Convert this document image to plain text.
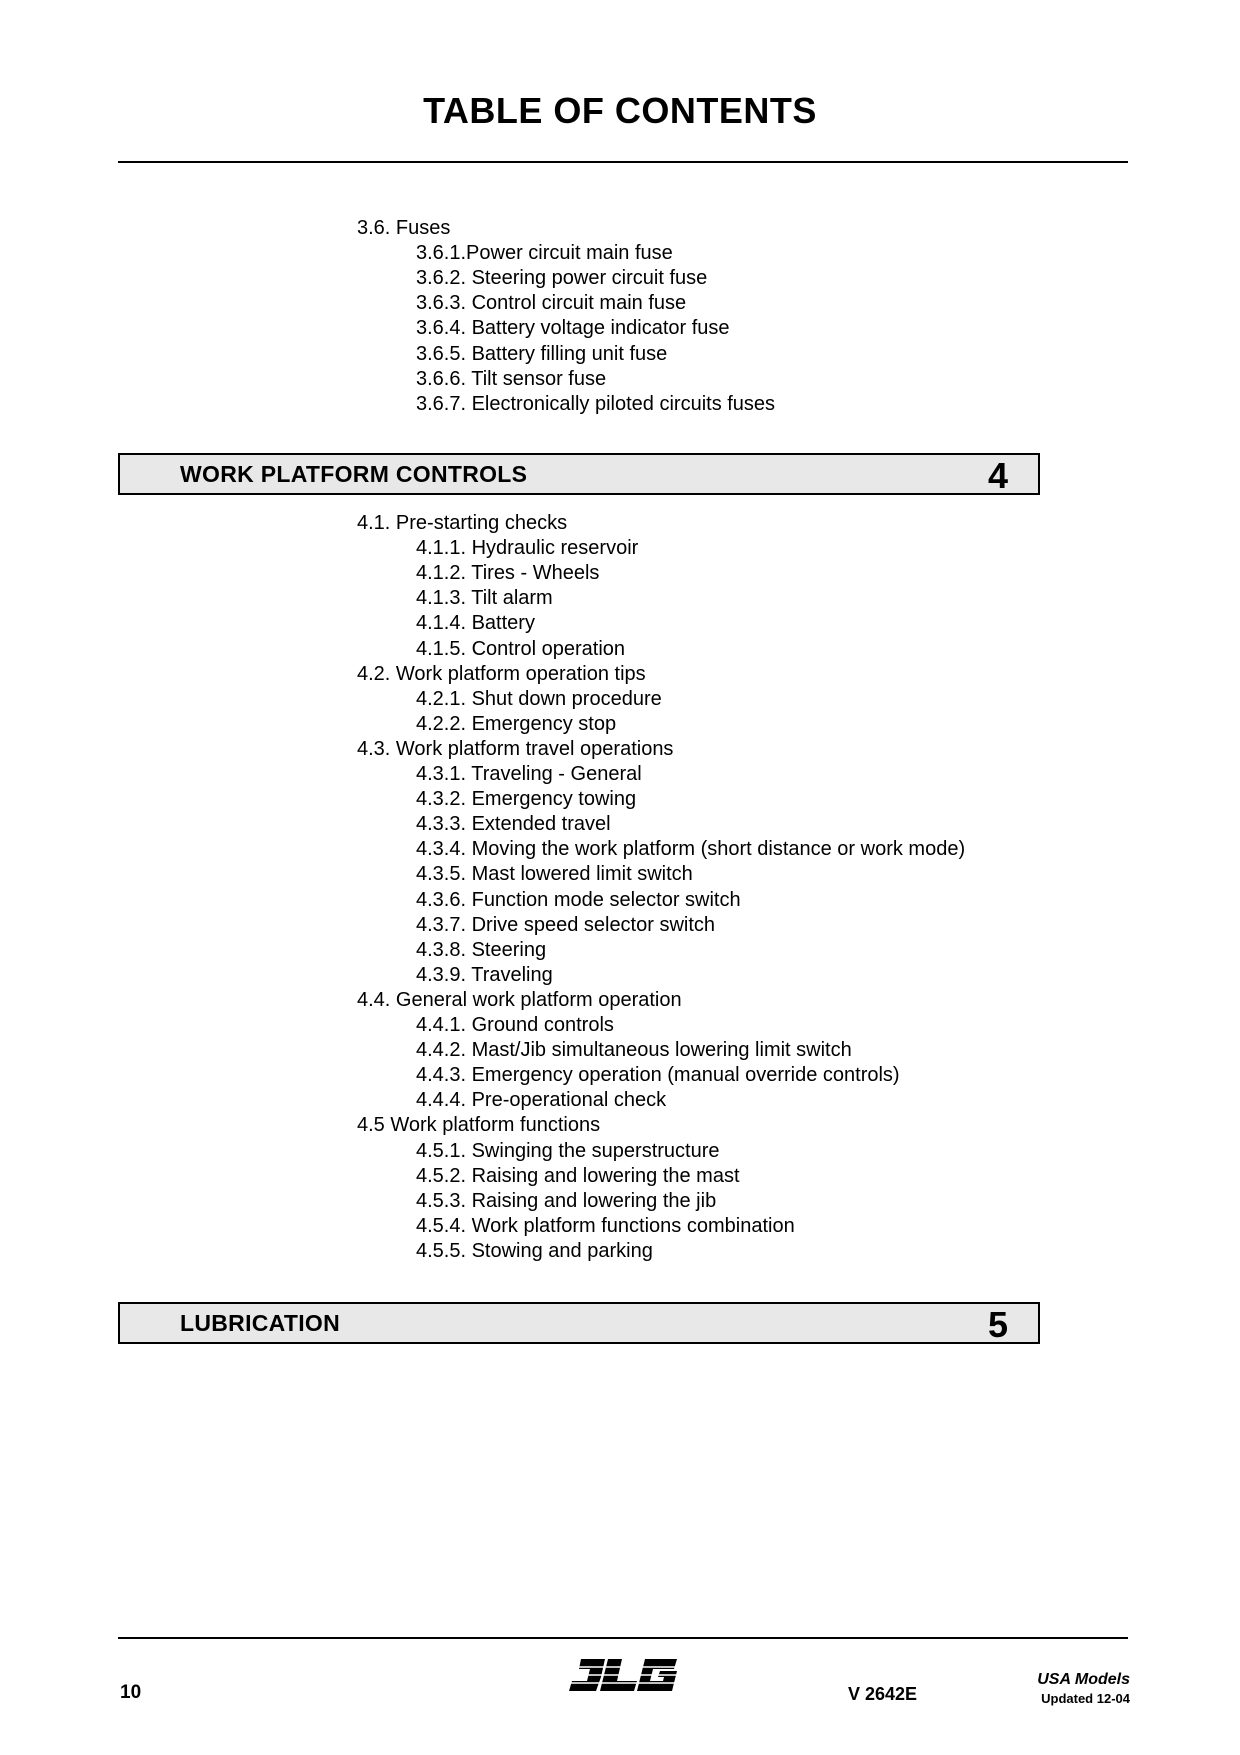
TABLE OF CONTENTS
3.6. Fuses
3.6.1.Power circuit main fuse
3.6.2. Steering power circuit fuse
3.6.3. Control circuit main fuse
3.6.4. Battery voltage indicator fuse
3.6.5. Battery filling unit fuse
3.6.6. Tilt sensor fuse
3.6.7. Electronically piloted circuits fuses
WORK PLATFORM CONTROLS	4
4.1. Pre-starting checks
4.1.1. Hydraulic reservoir
4.1.2. Tires - Wheels
4.1.3. Tilt alarm
4.1.4. Battery
4.1.5. Control operation
4.2. Work platform operation tips
4.2.1. Shut down procedure
4.2.2. Emergency stop
4.3. Work platform travel operations
4.3.1. Traveling - General
4.3.2. Emergency towing
4.3.3. Extended travel
4.3.4. Moving the work platform (short distance or work mode)
4.3.5. Mast lowered limit switch
4.3.6. Function mode selector switch
4.3.7. Drive speed selector switch
4.3.8. Steering
4.3.9. Traveling
4.4. General work platform operation
4.4.1. Ground controls
4.4.2. Mast/Jib simultaneous lowering limit switch
4.4.3. Emergency operation (manual override controls)
4.4.4. Pre-operational check
4.5 Work platform functions
4.5.1. Swinging the superstructure
4.5.2. Raising and lowering the mast
4.5.3. Raising and lowering the jib
4.5.4. Work platform functions combination
4.5.5. Stowing and parking
LUBRICATION	5
10	V 2642E
USA Models
Updated 12-04
